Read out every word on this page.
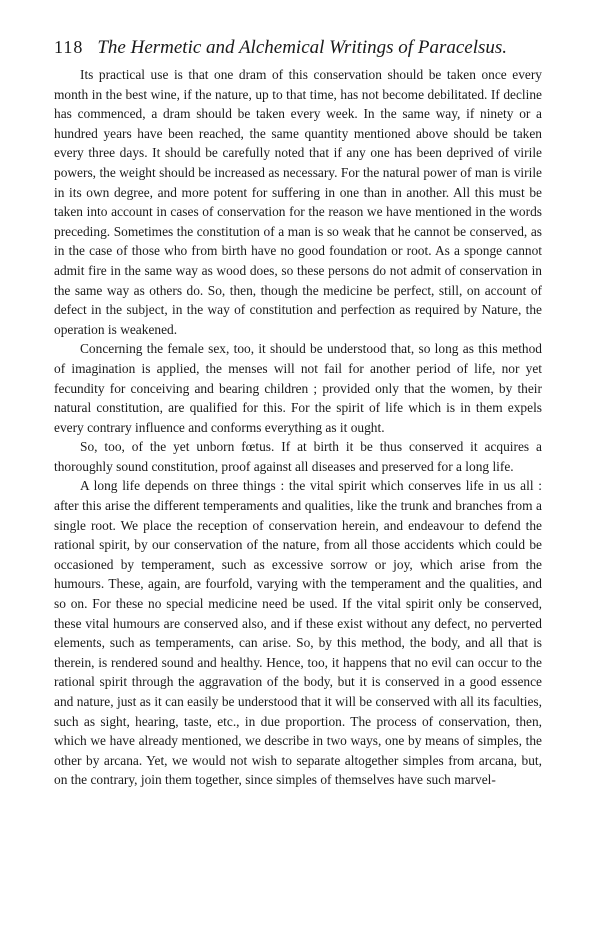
118 The Hermetic and Alchemical Writings of Paracelsus.

Its practical use is that one dram of this conservation should be taken once every month in the best wine, if the nature, up to that time, has not become debilitated. If decline has commenced, a dram should be taken every week. In the same way, if ninety or a hundred years have been reached, the same quantity mentioned above should be taken every three days. It should be carefully noted that if any one has been deprived of virile powers, the weight should be increased as necessary. For the natural power of man is virile in its own degree, and more potent for suffering in one than in another. All this must be taken into account in cases of conservation for the reason we have mentioned in the words preceding. Sometimes the constitution of a man is so weak that he cannot be conserved, as in the case of those who from birth have no good foundation or root. As a sponge cannot admit fire in the same way as wood does, so these persons do not admit of conservation in the same way as others do. So, then, though the medicine be perfect, still, on account of defect in the subject, in the way of constitution and perfection as required by Nature, the operation is weakened.

Concerning the female sex, too, it should be understood that, so long as this method of imagination is applied, the menses will not fail for another period of life, nor yet fecundity for conceiving and bearing children ; provided only that the women, by their natural constitution, are qualified for this. For the spirit of life which is in them expels every contrary influence and conforms everything as it ought.

So, too, of the yet unborn fœtus. If at birth it be thus conserved it acquires a thoroughly sound constitution, proof against all diseases and preserved for a long life.

A long life depends on three things : the vital spirit which conserves life in us all : after this arise the different temperaments and qualities, like the trunk and branches from a single root. We place the reception of conservation herein, and endeavour to defend the rational spirit, by our conservation of the nature, from all those accidents which could be occasioned by temperament, such as excessive sorrow or joy, which arise from the humours. These, again, are fourfold, varying with the temperament and the qualities, and so on. For these no special medicine need be used. If the vital spirit only be conserved, these vital humours are conserved also, and if these exist without any defect, no perverted elements, such as temperaments, can arise. So, by this method, the body, and all that is therein, is rendered sound and healthy. Hence, too, it happens that no evil can occur to the rational spirit through the aggravation of the body, but it is conserved in a good essence and nature, just as it can easily be understood that it will be conserved with all its faculties, such as sight, hearing, taste, etc., in due proportion. The process of conservation, then, which we have already mentioned, we describe in two ways, one by means of simples, the other by arcana. Yet, we would not wish to separate altogether simples from arcana, but, on the contrary, join them together, since simples of themselves have such marvel-
